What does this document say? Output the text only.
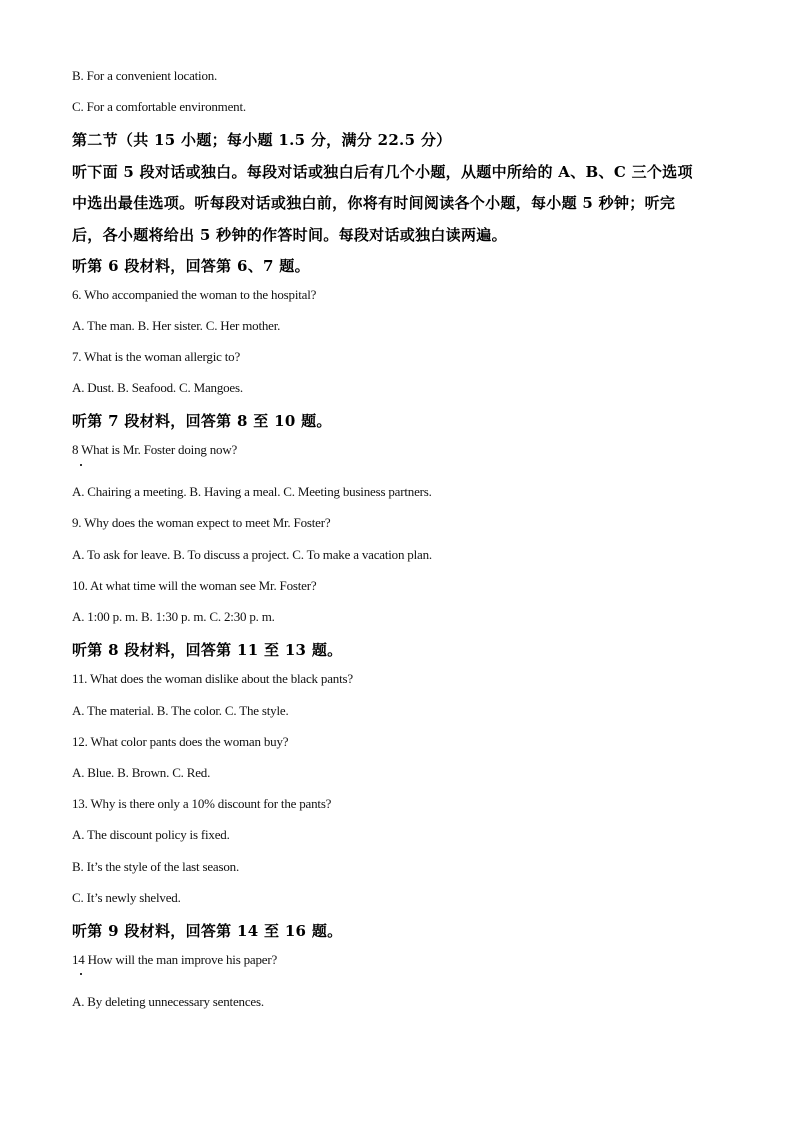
B. For a convenient location.
C. For a comfortable environment.
第二节（共 15 小题；每小题 1.5 分，满分 22.5 分）
听下面 5 段对话或独白。每段对话或独白后有几个小题，从题中所给的 A、B、C 三个选项
中选出最佳选项。听每段对话或独白前，你将有时间阅读各个小题，每小题 5 秒钟；听完
后，各小题将给出 5 秒钟的作答时间。每段对话或独白读两遍。
听第 6 段材料，回答第 6、7 题。
6. Who accompanied the woman to the hospital?
A. The man. B. Her sister. C. Her mother.
7. What is the woman allergic to?
A. Dust. B. Seafood. C. Mangoes.
听第 7 段材料，回答第 8 至 10 题。
8 What is Mr. Foster doing now?
A. Chairing a meeting. B. Having a meal. C. Meeting business partners.
9. Why does the woman expect to meet Mr. Foster?
A. To ask for leave. B. To discuss a project. C. To make a vacation plan.
10. At what time will the woman see Mr. Foster?
A. 1:00 p. m. B. 1:30 p. m. C. 2:30 p. m.
听第 8 段材料，回答第 11 至 13 题。
11. What does the woman dislike about the black pants?
A. The material. B. The color. C. The style.
12. What color pants does the woman buy?
A. Blue. B. Brown. C. Red.
13. Why is there only a 10% discount for the pants?
A. The discount policy is fixed.
B. It’s the style of the last season.
C. It’s newly shelved.
听第 9 段材料，回答第 14 至 16 题。
14 How will the man improve his paper?
A. By deleting unnecessary sentences.
